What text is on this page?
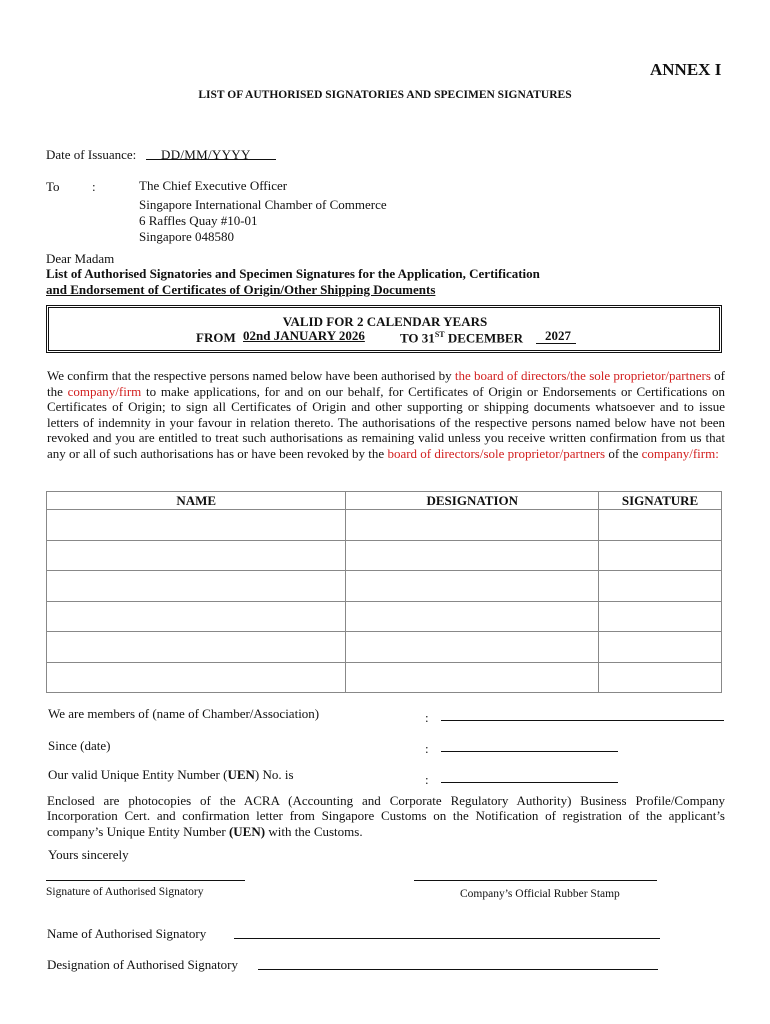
ANNEX I
LIST OF AUTHORISED SIGNATORIES AND SPECIMEN SIGNATURES
Date of Issuance: DD/MM/YYYY
To :	The Chief Executive Officer
Singapore International Chamber of Commerce
6 Raffles Quay #10-01
Singapore 048580
Dear Madam
List of Authorised Signatories and Specimen Signatures for the Application, Certification
and Endorsement of Certificates of Origin/Other Shipping Documents
VALID FOR 2 CALENDAR YEARS
FROM 02nd JANUARY 2026	TO 31ST DECEMBER 2027
We confirm that the respective persons named below have been authorised by the board of directors/the sole proprietor/partners of the company/firm to make applications, for and on our behalf, for Certificates of Origin or Endorsements or Certifications on Certificates of Origin; to sign all Certificates of Origin and other supporting or shipping documents whatsoever and to issue letters of indemnity in your favour in relation thereto. The authorisations of the respective persons named below have not been revoked and you are entitled to treat such authorisations as remaining valid unless you receive written confirmation from us that any or all of such authorisations has or have been revoked by the board of directors/sole proprietor/partners of the company/firm:
NAME	DESIGNATION	SIGNATURE

We are members of (name of Chamber/Association)	:
Since (date)	:
Our valid Unique Entity Number (UEN) No. is	:
Enclosed are photocopies of the ACRA (Accounting and Corporate Regulatory Authority) Business Profile/Company Incorporation Cert. and confirmation letter from Singapore Customs on the Notification of registration of the applicant’s company’s Unique Entity Number (UEN) with the Customs.
Yours sincerely
Signature of Authorised Signatory	Company’s Official Rubber Stamp
Name of Authorised Signatory
Designation of Authorised Signatory
